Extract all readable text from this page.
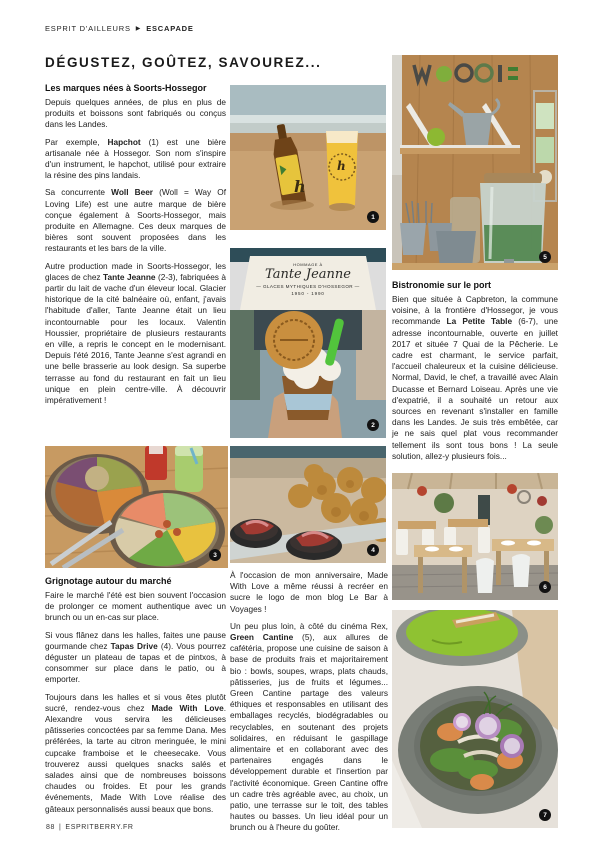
ESPRIT D'AILLEURS ▶ ESCAPADE
DÉGUSTEZ, GOÛTEZ, SAVOUREZ...
Les marques nées à Soorts-Hossegor

Depuis quelques années, de plus en plus de produits et boissons sont fabriqués ou conçus dans les Landes.

Par exemple, Hapchot (1) est une bière artisanale née à Hossegor. Son nom s'inspire d'un instrument, le hapchot, utilisé pour extraire la résine des pins landais.

Sa concurrente Woll Beer (Woll = Way Of Loving Life) est une autre marque de bière conçue également à Soorts-Hossegor, mais produite en Allemagne. Ces deux marques de bières sont souvent proposées dans les restaurants et les bars de la ville.

Autre production made in Soorts-Hossegor, les glaces de chez Tante Jeanne (2-3), fabriquées à partir du lait de vache d'un éleveur local. Glacier historique de la cité balnéaire où, enfant, j'avais l'habitude d'aller, Tante Jeanne était un lieu incontournable pour les locaux. Valentin Houssier, propriétaire de plusieurs restaurants en ville, a repris le concept en le modernisant. Depuis l'été 2016, Tante Jeanne s'est agrandi en une belle brasserie au look design. Sa superbe terrasse au fond du restaurant en fait un lieu unique en plein centre-ville. À découvrir impérativement !

h
h
1
5
HOMMAGE À
Tante Jeanne
— GLACES MYTHIQUES D'HOSSEGOR —
1950 - 1990
2
Bistronomie sur le port

Bien que située à Capbreton, la commune voisine, à la frontière d'Hossegor, je vous recommande La Petite Table (6-7), une adresse incontournable, ouverte en juillet 2017 et située 7 Quai de la Pêcherie. Le cadre est charmant, le service parfait, l'accueil chaleureux et la cuisine délicieuse. Normal, David, le chef, a travaillé avec Alain Ducasse et Bernard Loiseau. Après une vie d'expatrié, il a souhaité un retour aux sources en revenant s'installer en famille dans les Landes. Je suis très embêtée, car je ne sais quel plat vous recommander tellement ils sont tous bons ! La seule solution, allez-y plusieurs fois...

3
4
6
7
Grignotage autour du marché

Faire le marché l'été est bien souvent l'occasion de prolonger ce moment authentique avec un brunch ou un en-cas sur place.

Si vous flânez dans les halles, faites une pause gourmande chez Tapas Drive (4). Vous pourrez déguster un plateau de tapas et de pintxos, à consommer sur place dans le patio, ou à emporter.

Toujours dans les halles et si vous êtes plutôt sucré, rendez-vous chez Made With Love. Alexandre vous servira les délicieuses pâtisseries concoctées par sa femme Dana. Mes préférées, la tarte au citron meringuée, le mini cupcake framboise et le cheesecake. Vous trouverez aussi quelques snacks salés et salades ainsi que de nombreuses boissons chaudes ou froides. Et pour les grands événements, Made With Love réalise des gâteaux personnalisés aussi beaux que bons.

À l'occasion de mon anniversaire, Made With Love a même réussi à recréer en sucre le logo de mon blog Le Bar à Voyages !

Un peu plus loin, à côté du cinéma Rex, Green Cantine (5), aux allures de cafétéria, propose une cuisine de saison à base de produits frais et majoritairement bio : bowls, soupes, wraps, plats chauds, pâtisseries, jus de fruits et légumes... Green Cantine partage des valeurs éthiques et responsables en utilisant des emballages recyclés, biodégradables ou recyclables, en soutenant des projets solidaires, en réduisant le gaspillage alimentaire et en collaborant avec des partenaires engagés dans le développement durable et l'insertion par l'activité économique. Green Cantine offre un cadre très agréable avec, au choix, un patio, une terrasse sur le toit, des tables hautes ou basses. Un lieu idéal pour un brunch ou à l'heure du goûter.

88 | ESPRITBERRY.FR
